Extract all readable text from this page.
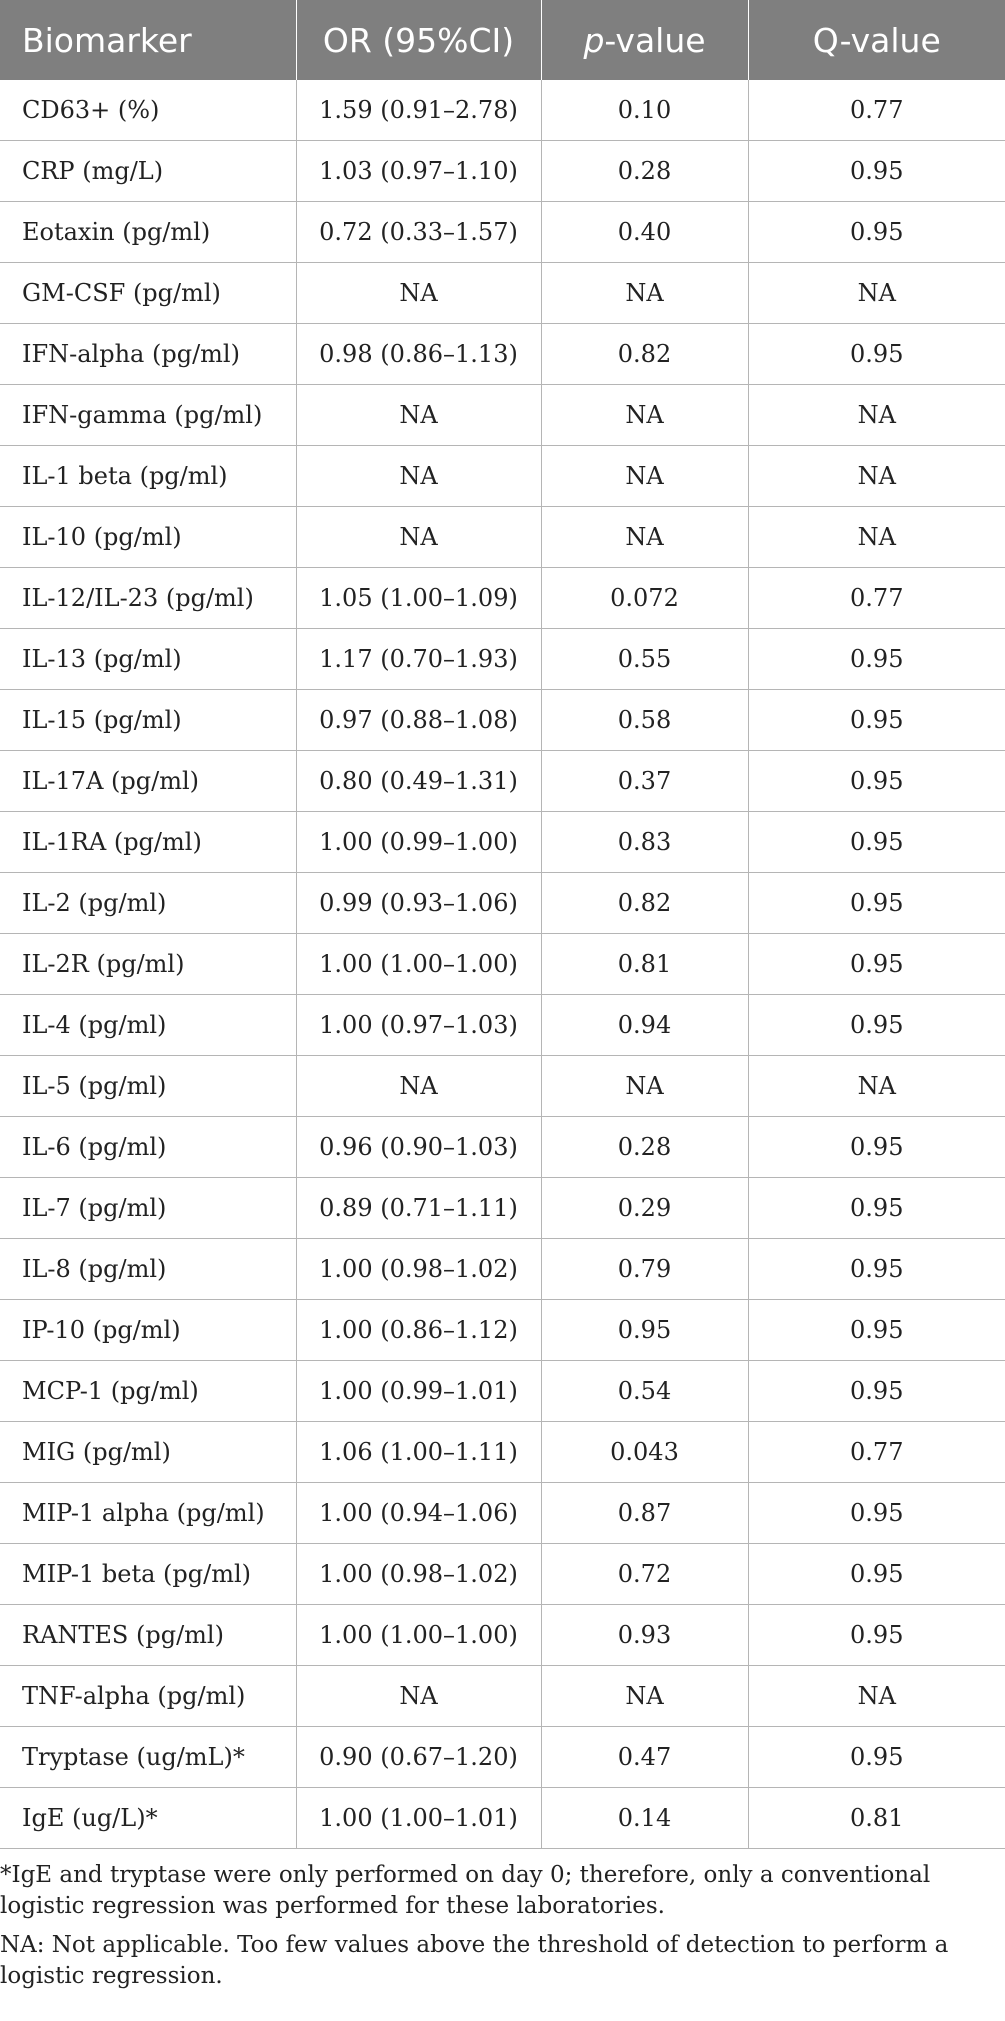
Biomarker	OR (95%CI)	p-value	Q-value
CD63+ (%)	1.59 (0.91–2.78)	0.10	0.77
CRP (mg/L)	1.03 (0.97–1.10)	0.28	0.95
Eotaxin (pg/ml)	0.72 (0.33–1.57)	0.40	0.95
GM-CSF (pg/ml)	NA	NA	NA
IFN-alpha (pg/ml)	0.98 (0.86–1.13)	0.82	0.95
IFN-gamma (pg/ml)	NA	NA	NA
IL-1 beta (pg/ml)	NA	NA	NA
IL-10 (pg/ml)	NA	NA	NA
IL-12/IL-23 (pg/ml)	1.05 (1.00–1.09)	0.072	0.77
IL-13 (pg/ml)	1.17 (0.70–1.93)	0.55	0.95
IL-15 (pg/ml)	0.97 (0.88–1.08)	0.58	0.95
IL-17A (pg/ml)	0.80 (0.49–1.31)	0.37	0.95
IL-1RA (pg/ml)	1.00 (0.99–1.00)	0.83	0.95
IL-2 (pg/ml)	0.99 (0.93–1.06)	0.82	0.95
IL-2R (pg/ml)	1.00 (1.00–1.00)	0.81	0.95
IL-4 (pg/ml)	1.00 (0.97–1.03)	0.94	0.95
IL-5 (pg/ml)	NA	NA	NA
IL-6 (pg/ml)	0.96 (0.90–1.03)	0.28	0.95
IL-7 (pg/ml)	0.89 (0.71–1.11)	0.29	0.95
IL-8 (pg/ml)	1.00 (0.98–1.02)	0.79	0.95
IP-10 (pg/ml)	1.00 (0.86–1.12)	0.95	0.95
MCP-1 (pg/ml)	1.00 (0.99–1.01)	0.54	0.95
MIG (pg/ml)	1.06 (1.00–1.11)	0.043	0.77
MIP-1 alpha (pg/ml)	1.00 (0.94–1.06)	0.87	0.95
MIP-1 beta (pg/ml)	1.00 (0.98–1.02)	0.72	0.95
RANTES (pg/ml)	1.00 (1.00–1.00)	0.93	0.95
TNF-alpha (pg/ml)	NA	NA	NA
Tryptase (ug/mL)*	0.90 (0.67–1.20)	0.47	0.95
IgE (ug/L)*	1.00 (1.00–1.01)	0.14	0.81

*IgE and tryptase were only performed on day 0; therefore, only a conventional logistic regression was performed for these laboratories.

NA: Not applicable. Too few values above the threshold of detection to perform a logistic regression.
